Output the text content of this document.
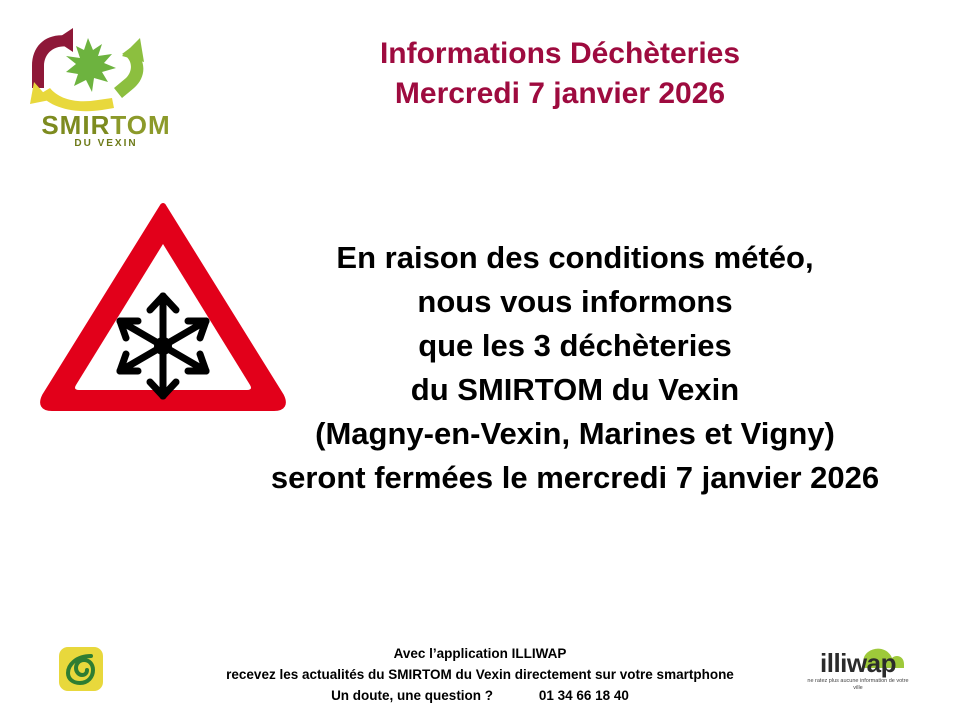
SMIRTOM
DU VEXIN
Informations Déchèteries
Mercredi 7 janvier 2026
En raison des conditions météo,
nous vous informons
que les 3 déchèteries
du SMIRTOM du Vexin
(Magny-en-Vexin, Marines et Vigny)
seront fermées le mercredi 7 janvier 2026
Avec l’application ILLIWAP
recevez les actualités du SMIRTOM du Vexin directement sur votre smartphone
Un doute, une question ?	01 34 66 18 40
illiwap
ne ratez plus aucune information de votre ville
